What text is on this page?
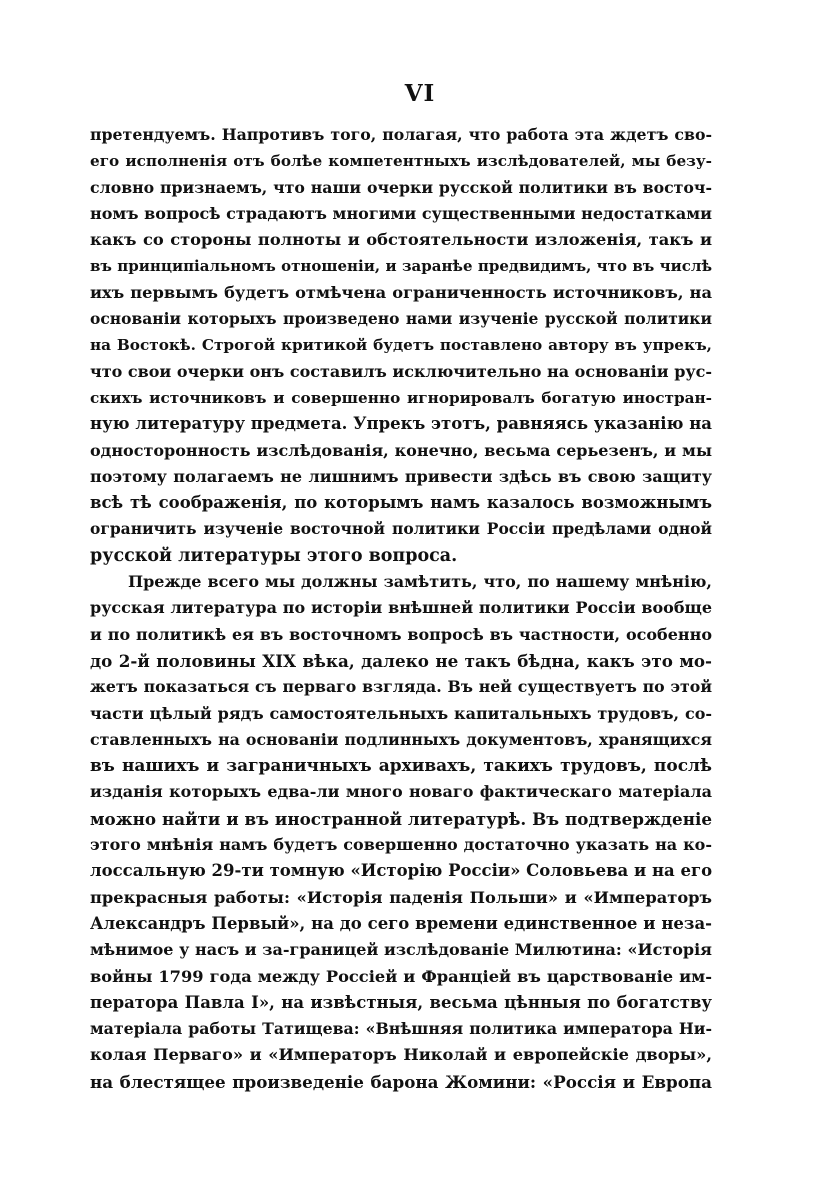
VI
претендуемъ. Напротивъ того, полагая, что работа эта ждетъ сво-
его исполненія отъ болѣе компетентныхъ изслѣдователей, мы безу-
словно признаемъ, что наши очерки русской политики въ восточ-
номъ вопросѣ страдаютъ многими существенными недостатками
какъ со стороны полноты и обстоятельности изложенія, такъ и
въ принципіальномъ отношеніи, и заранѣе предвидимъ, что въ числѣ
ихъ первымъ будетъ отмѣчена ограниченность источниковъ, на
основаніи которыхъ произведено нами изученіе русской политики
на Востокѣ. Строгой критикой будетъ поставлено автору въ упрекъ,
что свои очерки онъ составилъ исключительно на основаніи рус-
скихъ источниковъ и совершенно игнорировалъ богатую иностран-
ную литературу предмета. Упрекъ этотъ, равняясь указанію на
односторонность изслѣдованія, конечно, весьма серьезенъ, и мы
поэтому полагаемъ не лишнимъ привести здѣсь въ свою защиту
всѣ тѣ соображенія, по которымъ намъ казалось возможнымъ
ограничить изученіе восточной политики Россіи предѣлами одной
русской литературы этого вопроса.
Прежде всего мы должны замѣтить, что, по нашему мнѣнію,
русская литература по исторіи внѣшней политики Россіи вообще
и по политикѣ ея въ восточномъ вопросѣ въ частности, особенно
до 2-й половины XIX вѣка, далеко не такъ бѣдна, какъ это мо-
жетъ показаться съ перваго взгляда. Въ ней существуетъ по этой
части цѣлый рядъ самостоятельныхъ капитальныхъ трудовъ, со-
ставленныхъ на основаніи подлинныхъ документовъ, хранящихся
въ нашихъ и заграничныхъ архивахъ, такихъ трудовъ, послѣ
изданія которыхъ едва-ли много новаго фактическаго матеріала
можно найти и въ иностранной литературѣ. Въ подтвержденіе
этого мнѣнія намъ будетъ совершенно достаточно указать на ко-
лоссальную 29-ти томную «Исторію Россіи» Соловьева и на его
прекрасныя работы: «Исторія паденія Польши» и «Императоръ
Александръ Первый», на до сего времени единственное и неза-
мѣнимое у насъ и за-границей изслѣдованіе Милютина: «Исторія
войны 1799 года между Россіей и Франціей въ царствованіе им-
ператора Павла I», на извѣстныя, весьма цѣнныя по богатству
матеріала работы Татищева: «Внѣшняя политика императора Ни-
колая Перваго» и «Императоръ Николай и европейскіе дворы»,
на блестящее произведеніе барона Жомини: «Россія и Европа
